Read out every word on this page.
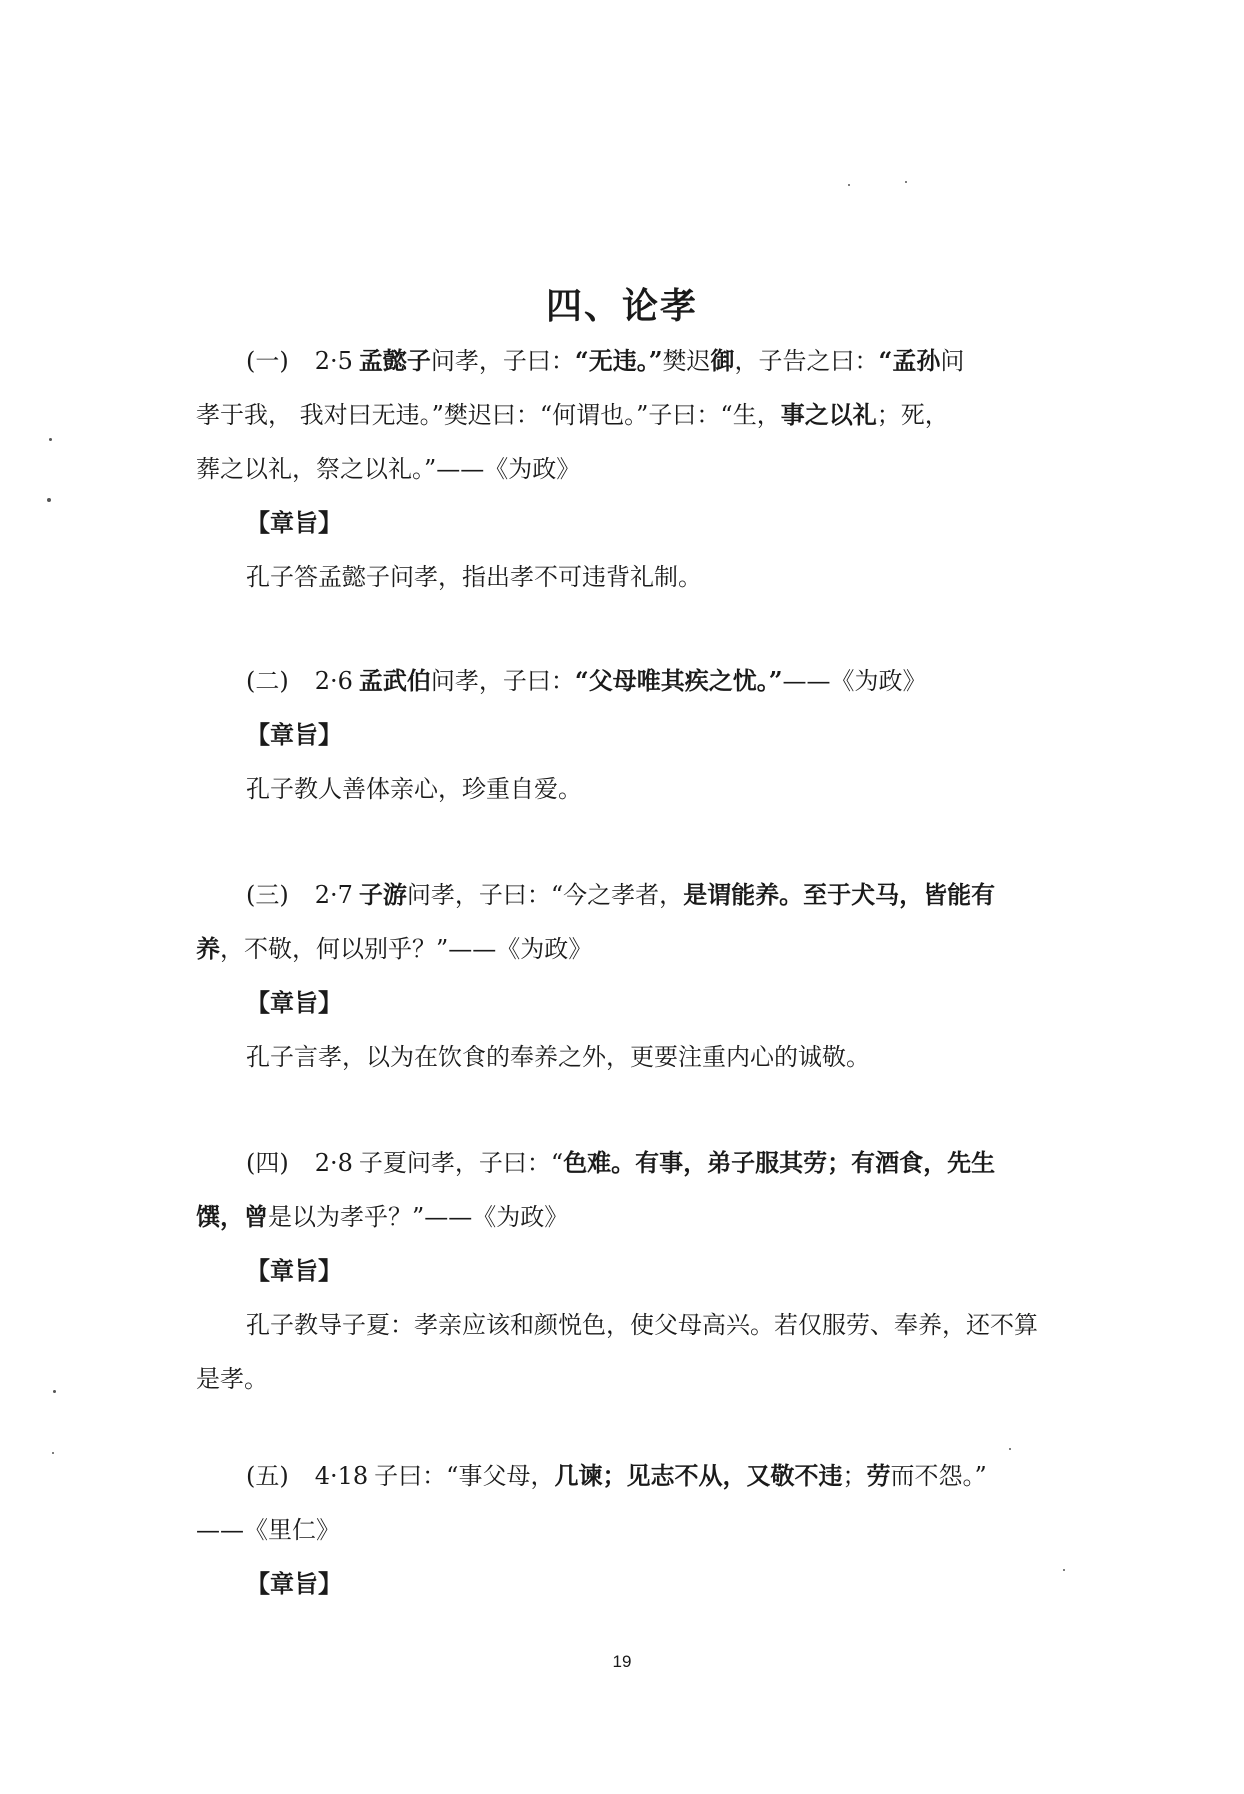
四、论孝
(一) 2·5 孟懿子问孝，子曰：“无违。”樊迟御，子告之曰：“孟孙问
孝于我， 我对曰无违。”樊迟曰：“何谓也。”子曰：“生，事之以礼；死，
葬之以礼，祭之以礼。”——《为政》
【章旨】
孔子答孟懿子问孝，指出孝不可违背礼制。
(二) 2·6 孟武伯问孝，子曰：“父母唯其疾之忧。”——《为政》
【章旨】
孔子教人善体亲心，珍重自爱。
(三) 2·7 子游问孝，子曰：“今之孝者，是谓能养。至于犬马，皆能有
养，不敬，何以别乎？”——《为政》
【章旨】
孔子言孝，以为在饮食的奉养之外，更要注重内心的诚敬。
(四) 2·8 子夏问孝，子曰：“色难。有事，弟子服其劳；有酒食，先生
馔，曾是以为孝乎？”——《为政》
【章旨】
孔子教导子夏：孝亲应该和颜悦色，使父母高兴。若仅服劳、奉养，还不算
是孝。
(五) 4·18 子曰：“事父母，几谏；见志不从，又敬不违；劳而不怨。”
——《里仁》
【章旨】
19
